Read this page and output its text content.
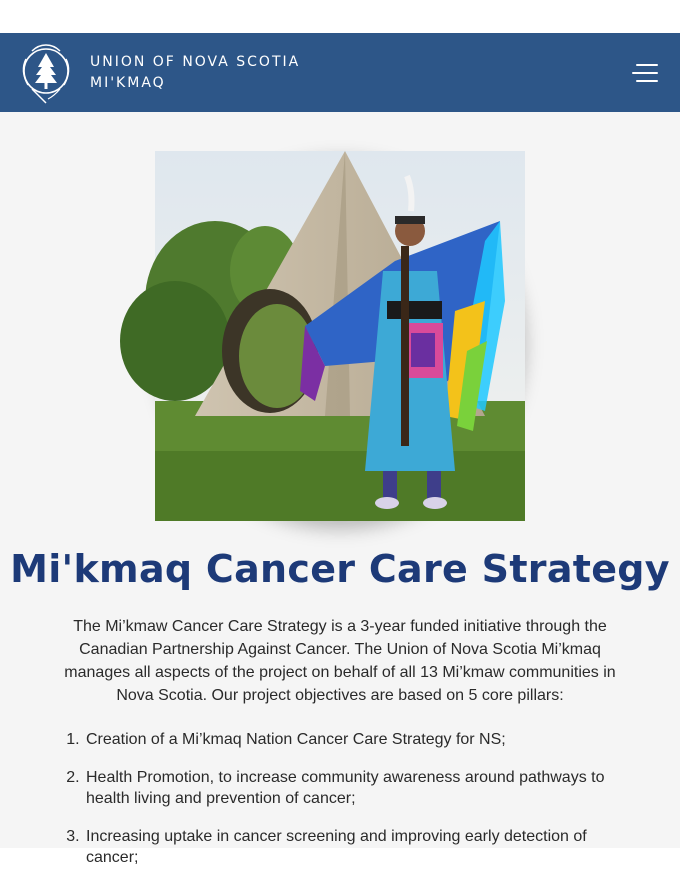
UNION OF NOVA SCOTIA
MI'KMAQ
Mi'kmaq Cancer Care Strategy

The Mi’kmaw Cancer Care Strategy is a 3-year funded initiative through the Canadian Partnership Against Cancer. The Union of Nova Scotia Mi’kmaq manages all aspects of the project on behalf of all 13 Mi’kmaw communities in Nova Scotia. Our project objectives are based on 5 core pillars:

1. Creation of a Mi’kmaq Nation Cancer Care Strategy for NS;
2. Health Promotion, to increase community awareness around pathways to health living and prevention of cancer;
3. Increasing uptake in cancer screening and improving early detection of cancer;
